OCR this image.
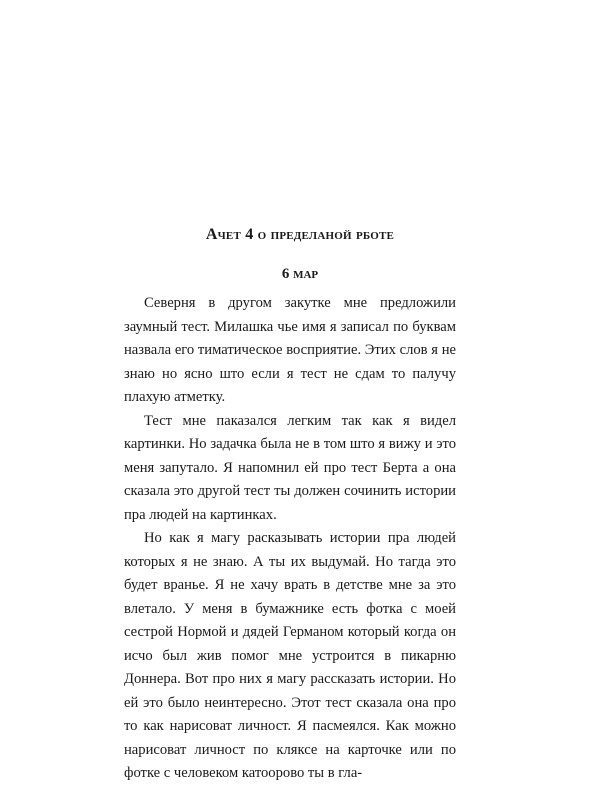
Ачет 4 о пределаной рботе
6 мар

Северня в другом закутке мне предложили заумный тест. Милашка чье имя я записал по буквам назвала его тиматическое восприятие. Этих слов я не знаю но ясно што если я тест не сдам то палучу плахую атметку.

Тест мне паказался легким так как я видел картинки. Но задачка была не в том што я вижу и это меня запутало. Я напомнил ей про тест Берта а она сказала это другой тест ты должен сочинить истории пра людей на картинках.

Но как я магу расказывать истории пра людей которых я не знаю. А ты их выдумай. Но тагда это будет вранье. Я не хачу врать в детстве мне за это влетало. У меня в бумажнике есть фотка с моей сестрой Нормой и дядей Германом который когда он исчо был жив помог мне устроится в пикарню Доннера. Вот про них я магу рассказать истории. Но ей это было неинтересно. Этот тест сказала она про то как нарисоват личност. Я пасмеялся. Как можно нарисоват личност по кляксе на карточке или по фотке с человеком катоорово ты в гла-
